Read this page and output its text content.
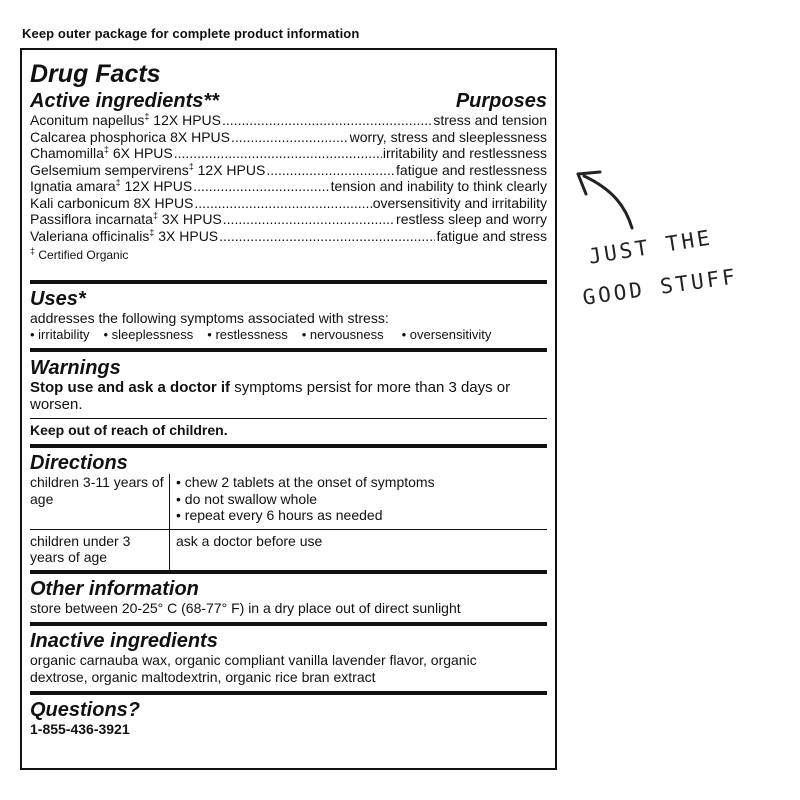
Keep outer package for complete product information
Drug Facts
Active ingredients**	Purposes
Aconitum napellus‡ 12X HPUS .....	stress and tension
Calcarea phosphorica 8X HPUS .....	worry, stress and sleeplessness
Chamomilla‡ 6X HPUS .....	irritability and restlessness
Gelsemium sempervirens‡ 12X HPUS .....	fatigue and restlessness
Ignatia amara‡ 12X HPUS .....	tension and inability to think clearly
Kali carbonicum 8X HPUS .....	oversensitivity and irritability
Passiflora incarnata‡ 3X HPUS .....	restless sleep and worry
Valeriana officinalis‡ 3X HPUS .....	fatigue and stress
‡ Certified Organic
Uses*
addresses the following symptoms associated with stress:
• irritability • sleeplessness • restlessness • nervousness • oversensitivity
Warnings
Stop use and ask a doctor if symptoms persist for more than 3 days or worsen.
Keep out of reach of children.
Directions
children 3-11 years of age	• chew 2 tablets at the onset of symptoms
• do not swallow whole
• repeat every 6 hours as needed

children under 3 years of age	ask a doctor before use
Other information
store between 20-25° C (68-77° F) in a dry place out of direct sunlight
Inactive ingredients
organic carnauba wax, organic compliant vanilla lavender flavor, organic dextrose, organic maltodextrin, organic rice bran extract
Questions?
1-855-436-3921
JUST THE
GOOD STUFF
